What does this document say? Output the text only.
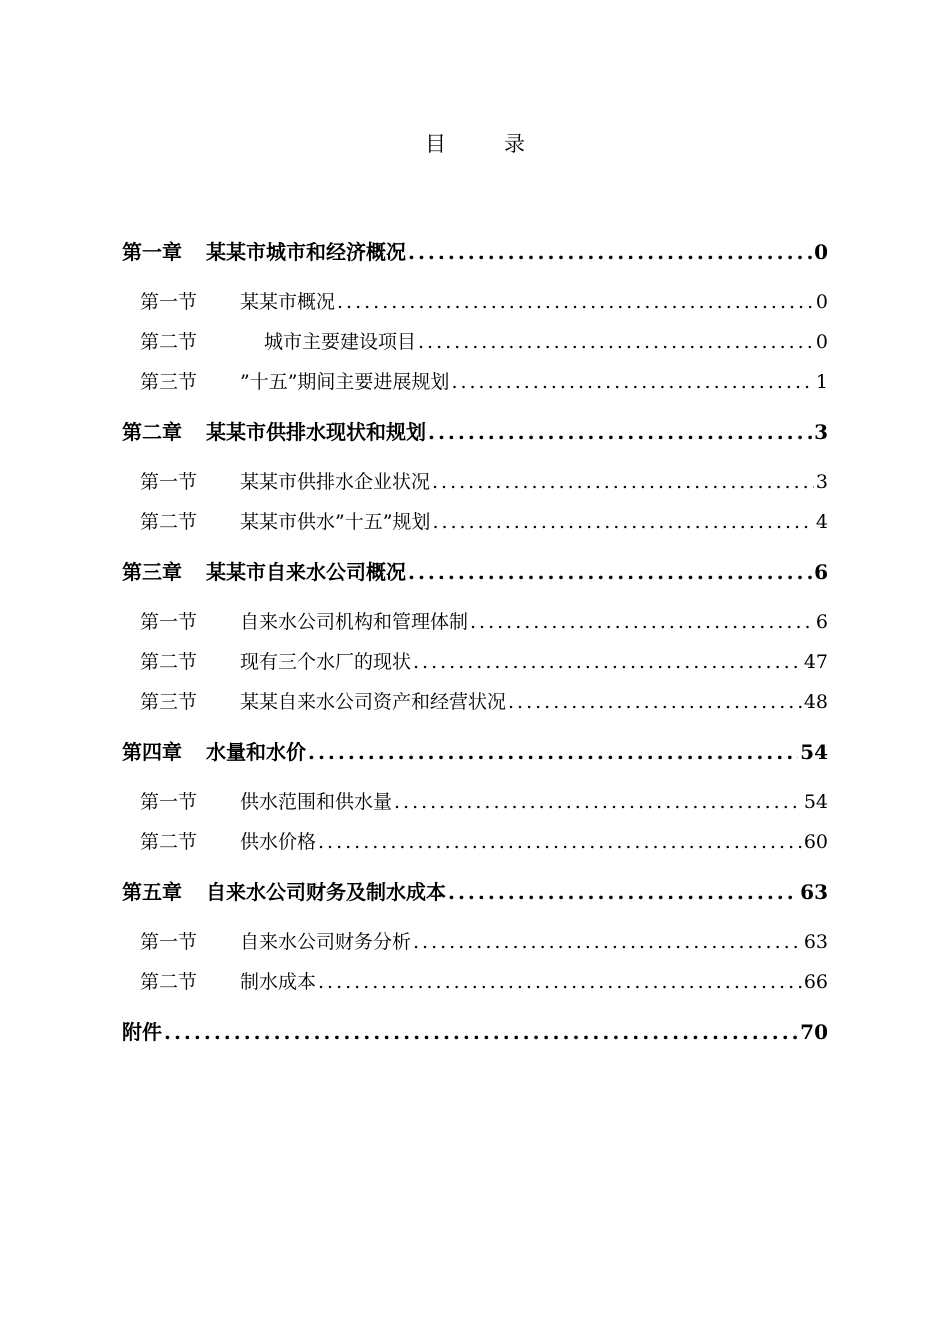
目	录
第一章 某某市城市和经济概况 .....	0
第一节 某某市概况 .....	0
第二节	城市主要建设项目 .....	0
第三节 ”十五”期间主要进展规划 .....	1
第二章 某某市供排水现状和规划 .....	3
第一节 某某市供排水企业状况 .....	3
第二节 某某市供水”十五”规划 .....	4
第三章 某某市自来水公司概况 .....	6
第一节 自来水公司机构和管理体制 .....	6
第二节 现有三个水厂的现状 .....	47
第三节 某某自来水公司资产和经营状况 .....	48
第四章 水量和水价 .....	54
第一节 供水范围和供水量 .....	54
第二节 供水价格 .....	60
第五章 自来水公司财务及制水成本 .....	63
第一节 自来水公司财务分析 .....	63
第二节 制水成本 .....	66
附件 .....	70
